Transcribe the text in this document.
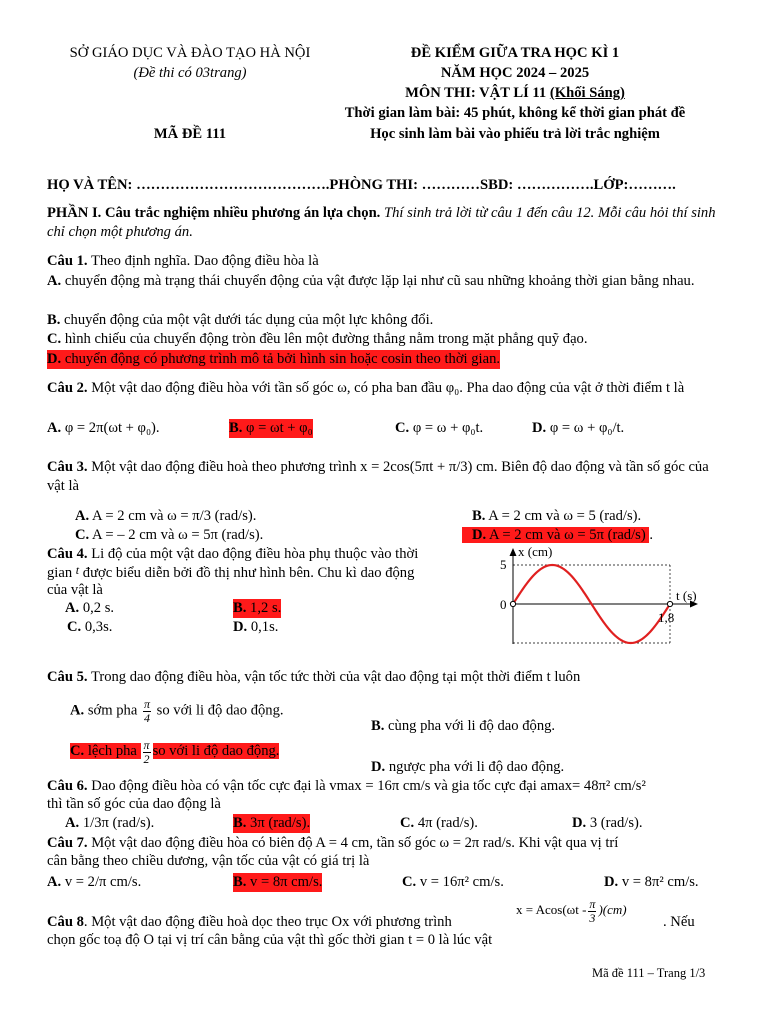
SỞ GIÁO DỤC VÀ ĐÀO TẠO HÀ NỘI
(Đề thi có 03trang)
ĐỀ KIỂM GIỮA TRA HỌC KÌ 1
NĂM HỌC 2024 – 2025
MÔN THI: VẬT LÍ 11 (Khối Sáng)
Thời gian làm bài: 45 phút, không kể thời gian phát đề
MÃ ĐỀ 111	Học sinh làm bài vào phiếu trả lời trắc nghiệm
HỌ VÀ TÊN: ………………………………….PHÒNG THI: …………SBD: …………….LỚP:……….
PHẦN I. Câu trắc nghiệm nhiều phương án lựa chọn. Thí sinh trả lời từ câu 1 đến câu 12. Mỗi câu hỏi thí sinh chỉ chọn một phương án.
Câu 1. Theo định nghĩa. Dao động điều hòa là
A. chuyển động mà trạng thái chuyển động của vật được lặp lại như cũ sau những khoảng thời gian bằng nhau.
B. chuyển động của một vật dưới tác dụng của một lực không đổi.
C. hình chiếu của chuyển động tròn đều lên một đường thẳng nằm trong mặt phẳng quỹ đạo.
D. chuyển động có phương trình mô tả bởi hình sin hoặc cosin theo thời gian.
Câu 2. Một vật dao động điều hòa với tần số góc ω, có pha ban đầu φ₀. Pha dao động của vật ở thời điểm t là
A. φ = 2π(ωt + φ₀).	B. φ = ωt + φ₀	C. φ = ω + φ₀t.	D. φ = ω + φ₀/t.
Câu 3. Một vật dao động điều hoà theo phương trình x = 2cos(5πt + π/3) cm. Biên độ dao động và tần số góc của vật là
A. A = 2 cm và ω = π/3 (rad/s).	B. A = 2 cm và ω = 5 (rad/s).
C. A = – 2 cm và ω = 5π (rad/s).	D. A = 2 cm và ω = 5π (rad/s) .
Câu 4. Li độ của một vật dao động điều hòa phụ thuộc vào thời
gian $^t$ được biểu diễn bởi đồ thị như hình bên. Chu kì dao động
của vật là
A. 0,2 s.	B. 1,2 s.
C. 0,3s.	D. 0,1s.
x (cm)
t (s)
5
0
1,8
Câu 5. Trong dao động điều hòa, vận tốc tức thời của vật dao động tại một thời điểm t luôn
A. sớm pha $\frac{\pi}{4}$ so với li độ dao động.
B. cùng pha với li độ dao động.
C. lệch pha $\frac{\pi}{2}$ so với li độ dao động.
D. ngược pha với li độ dao động.
Câu 6. Dao động điều hòa có vận tốc cực đại là vmax = 16π cm/s và gia tốc cực đại amax= 48π² cm/s²
thì tần số góc của dao động là
A. 1/3π (rad/s).	B. 3π (rad/s).	C. 4π (rad/s).	D. 3 (rad/s).
Câu 7. Một vật dao động điều hòa có biên độ A = 4 cm, tần số góc ω = 2π rad/s. Khi vật qua vị trí
cân bằng theo chiều dương, vận tốc của vật có giá trị là
A. v = 2/π cm/s.	B. v = 8π cm/s.	C. v = 16π² cm/s.	D. v = 8π² cm/s.
Câu 8. Một vật dao động điều hoà dọc theo trục Ox với phương trình
$x = Acos(\omega t - \frac{\pi}{3} )(cm)$
. Nếu
chọn gốc toạ độ O tại vị trí cân bằng của vật thì gốc thời gian t = 0 là lúc vật
Mã đề 111 – Trang 1/3
